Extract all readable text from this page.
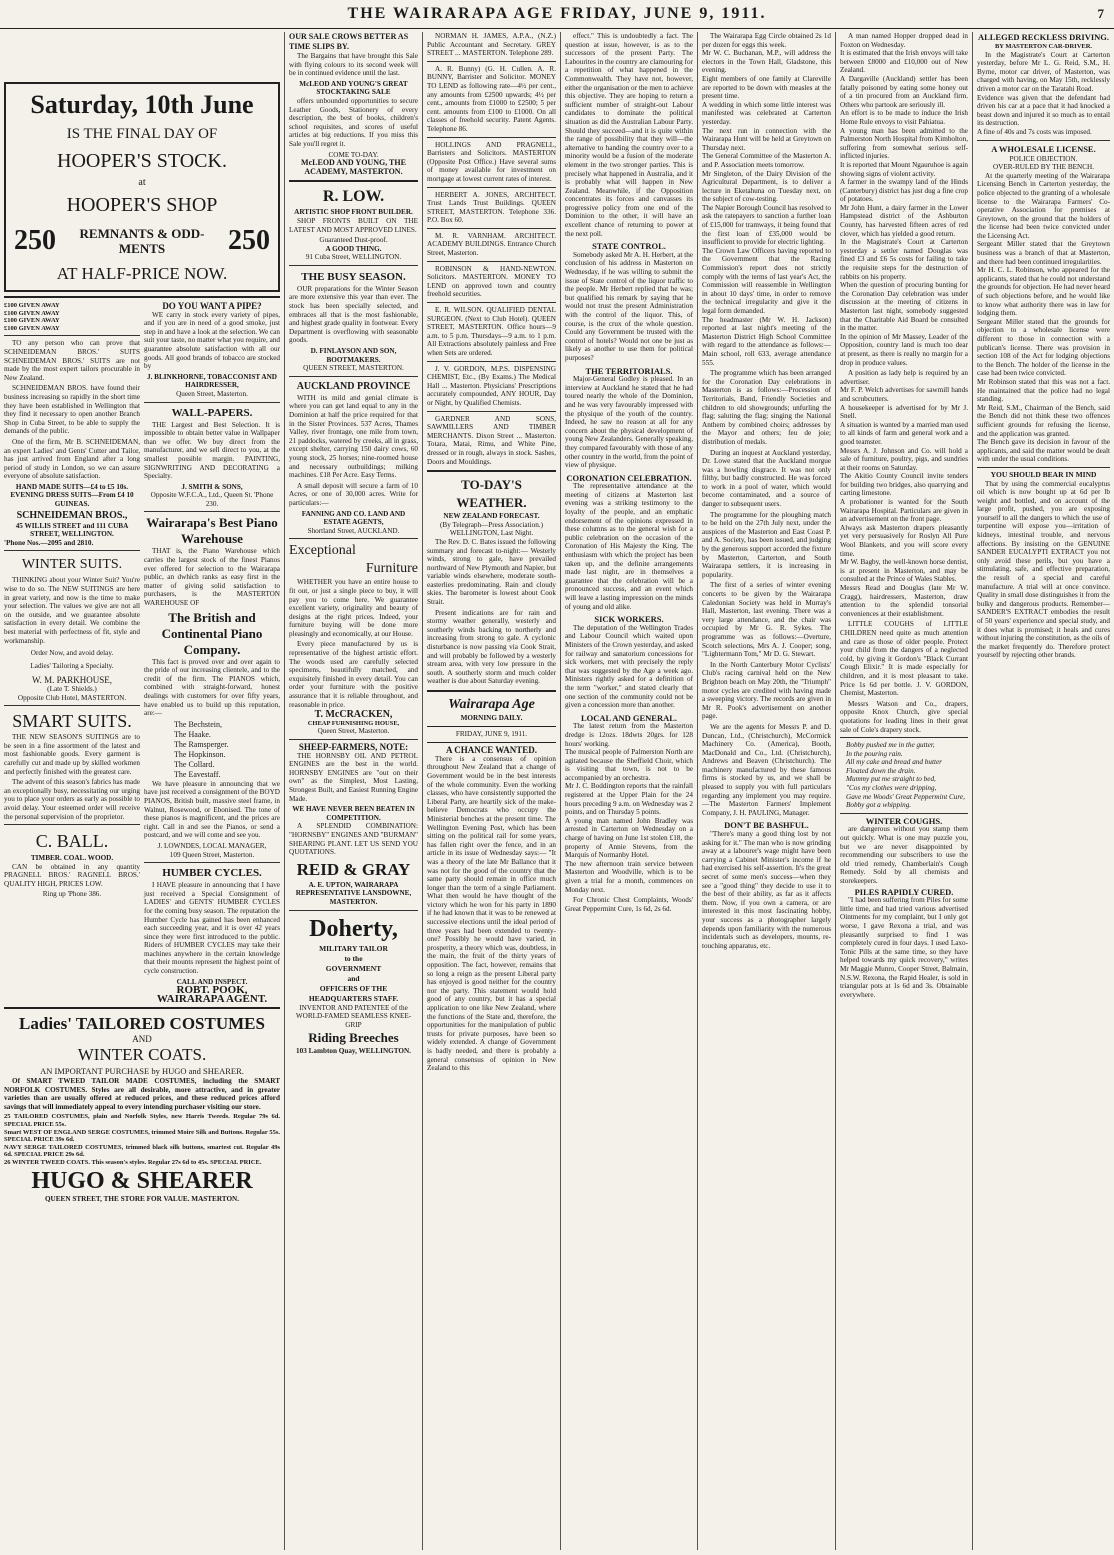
THE WAIRARAPA AGE FRIDAY, JUNE 9, 1911.	7
Saturday, 10th June
IS THE FINAL DAY OF
HOOPER'S STOCK.
at
HOOPER'S SHOP
250 REMNANTS & ODD-
MENTS	250
AT HALF-PRICE NOW.
£100 GIVEN AWAY
£100 GIVEN AWAY
£100 GIVEN AWAY
£100 GIVEN AWAY

TO any person who can prove that SCHNEIDEMAN BROS.' SUITS SCHNEIDEMAN BROS.' SUITS are not made by the most expert tailors procurable in New Zealand.

SCHNEIDEMAN BROS. have found their business increasing so rapidly in the short time they have been established in Wellington that they find it necessary to open another Branch Shop in Cuba Street, to be able to supply the demands of the public.

One of the firm, Mr B. SCHNEIDEMAN, an expert Ladies' and Gents' Cutter and Tailor, has just arrived from England after a long period of study in London, so we can assure everyone of absolute satisfaction.

HAND MADE SUITS—£4 to £5 10s. EVENING DRESS SUITS—From £4 10 GUINEAS.
SCHNEIDEMAN BROS.,
45 WILLIS STREET and 111 CUBA STREET, WELLINGTON.
'Phone Nos.—2095 and 2810.
WINTER SUITS.

THINKING about your Winter Suit? You're wise to do so. The NEW SUITINGS are here in great variety, and now is the time to make your selection. The values we give are not all on the outside, and we guarantee absolute satisfaction in every detail. We combine the best material with perfectness of fit, style and workmanship.

Order Now, and avoid delay.
Ladies' Tailoring a Specialty.
W. M. PARKHOUSE,
(Late T. Shields.)
Opposite Club Hotel, MASTERTON.
SMART SUITS.

THE NEW SEASON'S SUITINGS are to be seen in a fine assortment of the latest and most fashionable goods. Every garment is carefully cut and made up by skilled workmen and perfectly finished with the greatest care.

The advent of this season's fabrics has made an exceptionally busy, necessitating our urging you to place your orders as early as possible to avoid delay. Your esteemed order will receive the personal supervision of the proprietor.

C. BALL.
TIMBER. COAL. WOOD.

CAN be obtained in any quantity PRAGNELL BROS.' RAGNELL BROS.' QUALITY HIGH, PRICES LOW.

Ring up 'Phone 386.
DO YOU WANT A PIPE?

WE carry in stock every variety of pipes, and if you are in need of a good smoke, just step in and have a look at the selection. We can suit your taste, no matter what you require, and guarantee absolute satisfaction with all our goods. All good brands of tobacco are stocked by

J. BLINKHORNE, TOBACCONIST AND HAIRDRESSER,
Queen Street, Masterton.
WALL-PAPERS.

THE Largest and Best Selection. It is impossible to obtain better value in Wallpaper than we offer. We buy direct from the manufacturer, and we sell direct to you, at the smallest possible margin. PAINTING, SIGNWRITING AND DECORATING a Specialty.

J. SMITH & SONS,
Opposite W.F.C.A., Ltd., Queen St. 'Phone 230.
Wairarapa's Best Piano Warehouse

THAT is, the Piano Warehouse which carries the largest stock of the finest Pianos ever offered for selection to the Wairarapa public, an dwhich ranks as easy first in the matter of giving solid satisfaction to purchasers, is the MASTERTON WAREHOUSE OF

The British and Continental Piano Company.

This fact is proved over and over again to the pride of our increasing clientele, and to the credit of the firm. The PIANOS which, combined with straight-forward, honest dealings with customers for over fifty years, have enabled us to build up this reputation, are:—

The Bechstein,
The Haake.
The Ramsperger.
The Hopkinson.
The Collard.
The Eavestaff.

We have pleasure in announcing that we have just received a consignment of the BOYD PIANOS, British built, massive steel frame, in Walnut, Rosewood, or Ebonised. The tone of these pianos is magnificent, and the prices are right. Call in and see the Pianos, or send a postcard, and we will come and see you.

J. LOWNDES, LOCAL MANAGER,
109 Queen Street, Masterton.
HUMBER CYCLES.

I HAVE pleasure in announcing that I have just received a Special Consignment of LADIES' and GENTS' HUMBER CYCLES for the coming busy season. The reputation the Humber Cycle has gained has been enhanced each succeeding year, and it is over 42 years since they were first introduced to the public. Riders of HUMBER CYCLES may take their machines anywhere in the certain knowledge that their mounts represent the highest point of cycle construction.

CALL AND INSPECT.
ROBT. POOK, WAIRARAPA AGENT.
Ladies' TAILORED COSTUMES
AND
WINTER COATS.
AN IMPORTANT PURCHASE by HUGO and SHEARER.

Of SMART TWEED TAILOR MADE COSTUMES, including the SMART NORFOLK COSTUMES. Styles are all desirable, more attractive, and in greater varieties than are usually offered at reduced prices, and these reduced prices afford savings that will immediately appeal to every intending purchaser visiting our store.

25 TAILORED COSTUMES, plain and Norfolk Styles, new Harris Tweeds. Regular 79s 6d. SPECIAL PRICE 55s.
Smart WEST OF ENGLAND SERGE COSTUMES, trimmed Moire Silk and Buttons. Regular 55s. SPECIAL PRICE 39s 6d.
NAVY SERGE TAILORED COSTUMES, trimmed black silk buttons, smartest cut. Regular 49s 6d. SPECIAL PRICE 29s 6d.
26 WINTER TWEED COATS. This season's styles. Regular 27s 6d to 45s. SPECIAL PRICE.
HUGO & SHEARER
QUEEN STREET, THE STORE FOR VALUE. MASTERTON.
OUR SALE CROWS BETTER AS TIME SLIPS BY.

The Bargains that have brought this Sale with flying colours to its second week will be in continued evidence until the last.

McLEOD AND YOUNG'S GREAT STOCKTAKING SALE

offers unbounded opportunities to secure Leather Goods, Stationery of every description, the best of books, children's school requisites, and scores of useful articles at big reductions. If you miss this Sale you'll regret it.

COME TO-DAY.
McLEOD AND YOUNG, THE ACADEMY, MASTERTON.
R. LOW.
ARTISTIC SHOP FRONT BUILDER.

SHOP FRONTS BUILT ON THE LATEST AND MOST APPROVED LINES.

Guaranteed Dust-proof.
A GOOD THING.
91 Cuba Street, WELLINGTON.
THE BUSY SEASON.

OUR preparations for the Winter Season are more extensive this year than ever. The stock has been specially selected, and embraces all that is the most fashionable, and highest grade quality in footwear. Every Department is overflowing with seasonable goods.

D. FINLAYSON AND SON, BOOTMAKERS.
QUEEN STREET, MASTERTON.
AUCKLAND PROVINCE

WITH its mild and genial climate is where you can get land equal to any in the Dominion at half the price required for that in the Sister Provinces. 537 Acres, Thames Valley, river frontage, one mile from town, 21 paddocks, watered by creeks, all in grass, except shelter, carrying 150 dairy cows, 60 young stock, 25 horses; nine-roomed house and necessary outbuildings; milking machines. £18 Per Acre. Easy Terms.

A small deposit will secure a farm of 10 Acres, or one of 30,000 acres. Write for particulars:—

FANNING AND CO. LAND AND ESTATE AGENTS,
Shortland Street, AUCKLAND.
Exceptional
Furniture

WHETHER you have an entire house to fit out, or just a single piece to buy, it will pay you to come here. We guarantee excellent variety, originality and beauty of designs at the right prices. Indeed, your furniture buying will be done more pleasingly and economically, at our House.

Every piece manufactured by us is representative of the highest artistic effort. The woods used are carefully selected specimens, beautifully matched, and exquisitely finished in every detail. You can order your furniture with the positive assurance that it is reliable throughout, and reasonable in price.

T. McCRACKEN,
CHEAP FURNISHING HOUSE,
Queen Street, Masterton.
SHEEP-FARMERS, NOTE:

THE HORNSBY OIL AND PETROL ENGINES are the best in the world. HORNSBY ENGINES are "out on their own" as the Simplest, Most Lasting, Strongest Built, and Easiest Running Engine Made.

WE HAVE NEVER BEEN BEATEN IN COMPETITION.

A SPLENDID COMBINATION: "HORNSBY" ENGINES AND "BURMAN" SHEARING PLANT. LET US SEND YOU QUOTATIONS.

REID & GRAY
A. E. UPTON, WAIRARAPA REPRESENTATIVE LANSDOWNE, MASTERTON.
Doherty,
MILITARY TAILOR
to the
GOVERNMENT
and
OFFICERS OF THE HEADQUARTERS STAFF.
INVENTOR AND PATENTEE of the WORLD-FAMED SEAMLESS KNEE-GRIP
Riding Breeches
103 Lambton Quay, WELLINGTON.

NORMAN H. JAMES, A.P.A., (N.Z.) Public Accountant and Secretary. GREY STREET ... MASTERTON. Telephone 289.

A. R. Bunny) (G. H. Cullen. A. R. BUNNY, Barrister and Solicitor. MONEY TO LEND as following rate—4½ per cent., any amounts from £2500 upwards; 4½ per cent., amounts from £1000 to £2500; 5 per cent. amounts from £100 to £1000. On all classes of freehold security. Patent Agents. Telephone 86.

HOLLINGS AND PRAGNELL, Barristers and Solicitors. MASTERTON (Opposite Post Office.) Have several sums of money available for investment on mortgage at lowest current rates of interest.

HERBERT A. JONES, ARCHITECT. Trust Lands Trust Buildings. QUEEN STREET, MASTERTON. Telephone 336. P.O. Box 60.

M. R. VARNHAM. ARCHITECT. ACADEMY BUILDINGS. Entrance Church Street, Masterton.

ROBINSON & HAND-NEWTON. Solicitors. MASTERTON. MONEY TO LEND on approved town and country freehold securities.

E. R. WILSON. QUALIFIED DENTAL SURGEON. (Next to Club Hotel). QUEEN STREET, MASTERTON. Office hours—9 a.m. to 5 p.m. Thursdays—9 a.m. to 1 p.m. All Extractions absolutely painless and Free when Sets are ordered.

J. V. GORDON, M.P.S. DISPENSING CHEMIST, Etc., (By Exams.) The Medical Hall ... Masterton. Physicians' Prescriptions accurately compounded, ANY HOUR, Day or Night, by Qualified Chemists.

GARDNER AND SONS, SAWMILLERS AND TIMBER MERCHANTS. Dixon Street ... Masterton. Totara, Matai, Rimu, and White Pine, dressed or in rough, always in stock. Sashes, Doors and Mouldings.

TO-DAY'S WEATHER.
NEW ZEALAND FORECAST.
(By Telegraph—Press Association.)
WELLINGTON, Last Night.

The Rev. D. C. Bates issued the following summary and forecast to-night:— Westerly winds, strong to gale, have prevailed northward of New Plymouth and Napier, but variable winds elsewhere, moderate south-easterlies predominating. Rain and cloudy skies. The barometer is lowest about Cook Strait.

Present indications are for rain and stormy weather generally, westerly and southerly winds backing to northerly and increasing from strong to gale. A cyclonic disturbance is now passing via Cook Strait, and will probably be followed by a westerly stream area, with very low pressure in the south. A southerly storm and much colder weather is due about Saturday evening.

Wairarapa Age
MORNING DAILY.
FRIDAY, JUNE 9, 1911.
A CHANCE WANTED.

There is a consensus of opinion throughout New Zealand that a change of Government would be in the best interests of the whole community. Even the working classes, who have consistently supported the Liberal Party, are heartily sick of the make-believe Democrats who occupy the Ministerial benches at the present time. The Wellington Evening Post, which has been sitting on the political rail for some years, has fallen right over the fence, and in an article in its issue of Wednesday says:— "It was a theory of the late Mr Ballance that it was not for the good of the country that the same party should remain in office much longer than the term of a single Parliament. What then would he have thought of the victory which he won for his party in 1890 if he had known that it was to be renewed at successive elections until the ideal period of three years had been extended to twenty-one? Possibly he would have varied, in prosperity, a theory which was, doubtless, in the main, the fruit of the thirty years of opposition. The fact, however, remains that so long a reign as the present Liberal party has enjoyed is good neither for the country nor the party. This statement would hold good of any country, but it has a special application to one like New Zealand, where the functions of the State and, therefore, the opportunities for the manipulation of public trusts for private purposes, have been so widely extended. A change of Government is badly needed, and there is probably a general consensus of opinion in New Zealand to this

effect." This is undoubtedly a fact. The question at issue, however, is as to the successors of the present Party. The Labourites in the country are clamouring for a repetition of what happened in the Commonwealth. They have not, however, either the organisation or the men to achieve this objective. They are hoping to return a sufficient number of straight-out Labour candidates to dominate the political situation as did the Australian Labour Party. Should they succeed—and it is quite within the range of possibility that they will—the alternative to handing the country over to a minority would be a fusion of the moderate element in the two stronger parties. This is precisely what happened in Australia, and it is probably what will happen in New Zealand. Meanwhile, if the Opposition concentrates its forces and canvasses its progressive policy from one end of the Dominion to the other, it will have an excellent chance of returning to power at the next poll.

STATE CONTROL.

Somebody asked Mr A. H. Herbert, at the conclusion of his address in Masterton on Wednesday, if he was willing to submit the issue of State control of the liquor traffic to the people. Mr Herbert replied that he was; but qualified his remark by saying that he would not trust the present Administration with the control of the liquor. This, of course, is the crux of the whole question. Could any Government be trusted with the control of hotels? Would not one be just as likely as another to use them for political purposes?

THE TERRITORIALS.

Major-General Godley is pleased. In an interview at Auckland he stated that he had toured nearly the whole of the Dominion, and he was very favourably impressed with the physique of the youth of the country. Indeed, he saw no reason at all for any concern about the physical development of young New Zealanders. Generally speaking, they compared favourably with those of any other country in the world, from the point of view of physique.

CORONATION CELEBRATION.

The representative attendance at the meeting of citizens at Masterton last evening was a striking testimony to the loyalty of the people, and an emphatic endorsement of the opinions expressed in these columns as to the general wish for a public celebration on the occasion of the Coronation of His Majesty the King. The enthusiasm with which the project has been taken up, and the definite arrangements made last night, are in themselves a guarantee that the celebration will be a pronounced success, and an event which will leave a lasting impression on the minds of young and old alike.

SICK WORKERS.

The deputation of the Wellington Trades and Labour Council which waited upon Ministers of the Crown yesterday, and asked for railway and sanatorium concessions for sick workers, met with precisely the reply that was suggested by the Age a week ago. Ministers rightly asked for a definition of the term "worker," and stated clearly that one section of the community could not be given a concession more than another.

LOCAL AND GENERAL.

The latest return from the Masterton dredge is 12ozs. 18dwts 20grs. for 128 hours' working.
The musical people of Palmerston North are agitated because the Sheffield Choir, which is visiting that town, is not to be accompanied by an orchestra.
Mr J. C. Boddington reports that the rainfall registered at the Upper Plain for the 24 hours preceding 9 a.m. on Wednesday was 2 points, and on Thursday 5 points.
A young man named John Bradley was arrested in Carterton on Wednesday on a charge of having on June 1st stolen £18, the property of Annie Stevens, from the Marquis of Normanby Hotel.
The new afternoon train service between Masterton and Woodville, which is to be given a trial for a month, commences on Monday next.

For Chronic Chest Complaints, Woods' Great Peppermint Cure, 1s 6d, 2s 6d.

The Wairarapa Egg Circle obtained 2s 1d per dozen for eggs this week.
Mr W. C. Buchanan, M.P., will address the electors in the Town Hall, Gladstone, this evening.
Eight members of one family at Clareville are reported to be down with measles at the present time.
A wedding in which some little interest was manifested was celebrated at Carterton yesterday.
The next run in connection with the Wairarapa Hunt will be held at Greytown on Thursday next.
The General Committee of the Masterton A. and P. Association meets tomorrow.
Mr Singleton, of the Dairy Division of the Agricultural Department, is to deliver a lecture in Eketahuna on Tuesday next, on the subject of cow-testing.
The Napier Borough Council has resolved to ask the ratepayers to sanction a further loan of £15,000 for tramways, it being found that the first loan of £35,000 would be insufficient to provide for electric lighting.
The Crown Law Officers having reported to the Government that the Racing Commission's report does not strictly comply with the terms of last year's Act, the Commission will reassemble in Wellington in about 10 days' time, in order to remove the technical irregularity and give it the legal form demanded.
The headmaster (Mr W. H. Jackson) reported at last night's meeting of the Masterton District High School Committee with regard to the attendance as follows:—Main school, roll 633, average attendance 555.

The programme which has been arranged for the Coronation Day celebrations in Masterton is as follows:—Procession of Territorials, Band, Friendly Societies and children to old showgrounds; unfurling the flag; saluting the flag; singing the National Anthem by combined choirs; addresses by the Mayor and others; feu de joie; distribution of medals.

During an inquest at Auckland yesterday, Dr. Lowe stated that the Auckland morgue was a howling disgrace. It was not only filthy, but badly constructed. He was forced to work in a pool of water, which would become contaminated, and a source of danger to subsequent users.

The programme for the ploughing match to be held on the 27th July next, under the auspices of the Masterton and East Coast P. and A. Society, has been issued, and judging by the generous support accorded the fixture by Masterton, Carterton, and South Wairarapa settlers, it is increasing in popularity.

The first of a series of winter evening concerts to be given by the Wairarapa Caledonian Society was held in Murray's Hall, Masterton, last evening. There was a very large attendance, and the chair was occupied by Mr G. R. Sykes. The programme was as follows:—Overture, Scotch selections, Mrs A. J. Cooper; song, "Lightermann Tom," Mr D. G. Stewart.

In the North Canterbury Motor Cyclists' Club's racing carnival held on the New Brighton beach on May 20th, the "Triumph" motor cycles are credited with having made a sweeping victory. The records are given in Mr R. Pook's advertisement on another page.

We are the agents for Messrs P. and D. Duncan, Ltd., (Christchurch), McCormick Machinery Co. (America), Booth, MacDonald and Co., Ltd. (Christchurch), Andrews and Beaven (Christchurch). The machinery manufactured by these famous firms is stocked by us, and we shall be pleased to supply you with full particulars regarding any implement you may require.—The Masterton Farmers' Implement Company, J. H. PAULING, Manager.

DON'T BE BASHFUL.

"There's many a good thing lost by not asking for it." The man who is now grinding away at a labourer's wage might have been carrying a Cabinet Minister's income if he had exercised his self-assertion. It's the great secret of some men's success—when they see a "good thing" they decide to use it to the best of their ability, as far as it affects them. Now, if you own a camera, or are interested in this most fascinating hobby, your success as a photographer largely depends upon familiarity with the numerous incidentals such as developers, mounts, re-touching apparatus, etc.

A man named Hopper dropped dead in Foxton on Wednesday.
It is estimated that the Irish envoys will take between £8000 and £10,000 out of New Zealand.
A Dargaville (Auckland) settler has been fatally poisoned by eating some honey out of a tin procured from an Auckland firm. Others who partook are seriously ill.
An effort is to be made to induce the Irish Home Rule envoys to visit Pahiatua.
A young man has been admitted to the Palmerston North Hospital from Kimbolton, suffering from somewhat serious self-inflicted injuries.
It is reported that Mount Ngauruhoe is again showing signs of violent activity.
A farmer in the swampy land of the Hinds (Canterbury) district has just dug a fine crop of potatoes.
Mr John Hunt, a dairy farmer in the Lower Hampstead district of the Ashburton County, has harvested fifteen acres of red clover, which has yielded a good return.
In the Magistrate's Court at Carterton yesterday a settler named Douglas was fined £3 and £6 5s costs for failing to take the requisite steps for the destruction of rabbits on his property.
When the question of procuring bunting for the Coronation Day celebration was under discussion at the meeting of citizens in Masterton last night, somebody suggested that the Charitable Aid Board be consulted in the matter.
In the opinion of Mr Massey, Leader of the Opposition, country land is much too dear at present, as there is really no margin for a drop in produce values.

A position as lady help is required by an advertiser.
Mr F. P. Welch advertises for sawmill hands and scrubcutters.
A housekeeper is advertised for by Mr J. Snell.
A situation is wanted by a married man used to all kinds of farm and general work and a good teamster.
Messrs A. J. Johnson and Co. will hold a sale of furniture, poultry, pigs, and sundries at their rooms on Saturday.
The Akitio County Council invite tenders for building two bridges, also quarrying and carting limestone.
A probationer is wanted for the South Wairarapa Hospital. Particulars are given in an advertisement on the front page.
Always ask Masterton drapers pleasantly yet very persuasively for Roslyn All Pure Wool Blankets, and you will score every time.
Mr W. Bagby, the well-known horse dentist, is at present in Masterton, and may be consulted at the Prince of Wales Stables.
Messrs Read and Douglas (late Mr W. Cragg), hairdressers, Masterton, draw attention to the splendid tonsorial conveniences at their establishment.

LITTLE COUGHS of LITTLE CHILDREN need quite as much attention and care as those of older people. Protect your child from the dangers of a neglected cold, by giving it Gordon's "Black Currant Cough Elixir." It is made especially for children, and it is most pleasant to take. Price 1s 6d per bottle. J. V. GORDON, Chemist, Masterton.

Messrs Watson and Co., drapers, opposite Knox Church, give special quotations for leading lines in their great sale of Cole's drapery stock.

Bobby pushed me in the gutter,
In the pouring rain.
All my cake and bread and butter
Floated down the drain.
Mummy put me straight to bed,
"Cos my clothes were dripping,
Gave me Woods' Great Peppermint Cure,
Bobby got a whipping.
WINTER COUGHS.

are dangerous without you stamp them out quickly. What is one may puzzle you, but we are never disappointed by recommending our subscribers to use the old tried remedy, Chamberlain's Cough Remedy. Sold by all chemists and storekeepers.

PILES RAPIDLY CURED.

"I had been suffering from Piles for some little time, and had tried various advertised Ointments for my complaint, but I only got worse, I gave Rexona a trial, and was pleasantly surprised to find I was completely cured in four days. I used Laxo-Tonic Pills at the same time, so they have helped towards my quick recovery," writes Mr Maggie Munro, Cooper Street, Balmain, N.S.W. Rexona, the Rapid Healer, is sold in triangular pots at 1s 6d and 3s. Obtainable everywhere.

ALLEGED RECKLESS DRIVING.
BY MASTERTON CAR-DRIVER.

In the Magistrate's Court at Carterton yesterday, before Mr L. G. Reid, S.M., H. Byrne, motor car driver, of Masterton, was charged with having, on May 15th, recklessly driven a motor car on the Taratahi Road.
Evidence was given that the defendant had driven his car at a pace that it had knocked a beast down and injured it so much as to entail its destruction.
A fine of 40s and 7s costs was imposed.

A WHOLESALE LICENSE.
POLICE OBJECTION.
OVER-RULED BY THE BENCH.

At the quarterly meeting of the Wairarapa Licensing Bench in Carterton yesterday, the police objected to the granting of a wholesale license to the Wairarapa Farmers' Co-operative Association for premises at Greytown, on the ground that the holders of the license had been twice convicted under the Licensing Act.
Sergeant Miller stated that the Greytown business was a branch of that at Masterton, and there had been continued irregularities.
Mr H. C. L. Robinson, who appeared for the applicants, stated that he could not understand the grounds for objection. He had never heard of such objections before, and he would like to know what authority there was in law for lodging them.
Sergeant Miller stated that the grounds for objection to a wholesale license were different to those in connection with a publican's license. There was provision in section 108 of the Act for lodging objections to the Bench. The holder of the license in the case had been twice convicted.
Mr Robinson stated that this was not a fact. He maintained that the police had no legal standing.
Mr Reid, S.M., Chairman of the Bench, said the Bench did not think these two offences sufficient grounds for refusing the license, and the application was granted.
The Bench gave its decision in favour of the applicants, and said the matter would be dealt with under the usual conditions.

YOU SHOULD BEAR IN MIND

That by using the commercial eucalyptus oil which is now bought up at 6d per lb weight and bottled, and on account of the large profit, pushed, you are exposing yourself to all the dangers to which the use of turpentine will expose you—irritation of kidneys, intestinal trouble, and nervous affections. By insisting on the GENUINE SANDER EUCALYPTI EXTRACT you not only avoid these perils, but you have a stimulating, safe, and effective preparation, the result of a special and careful manufacture. A trial will at once convince. Quality in small dose distinguishes it from the bulky and dangerous products. Remember—SANDER'S EXTRACT embodies the result of 50 years' experience and special study, and it does what is promised; it heals and cures without injuring the constitution, as the oils of the market frequently do. Therefore protect yourself by rejecting other brands.
